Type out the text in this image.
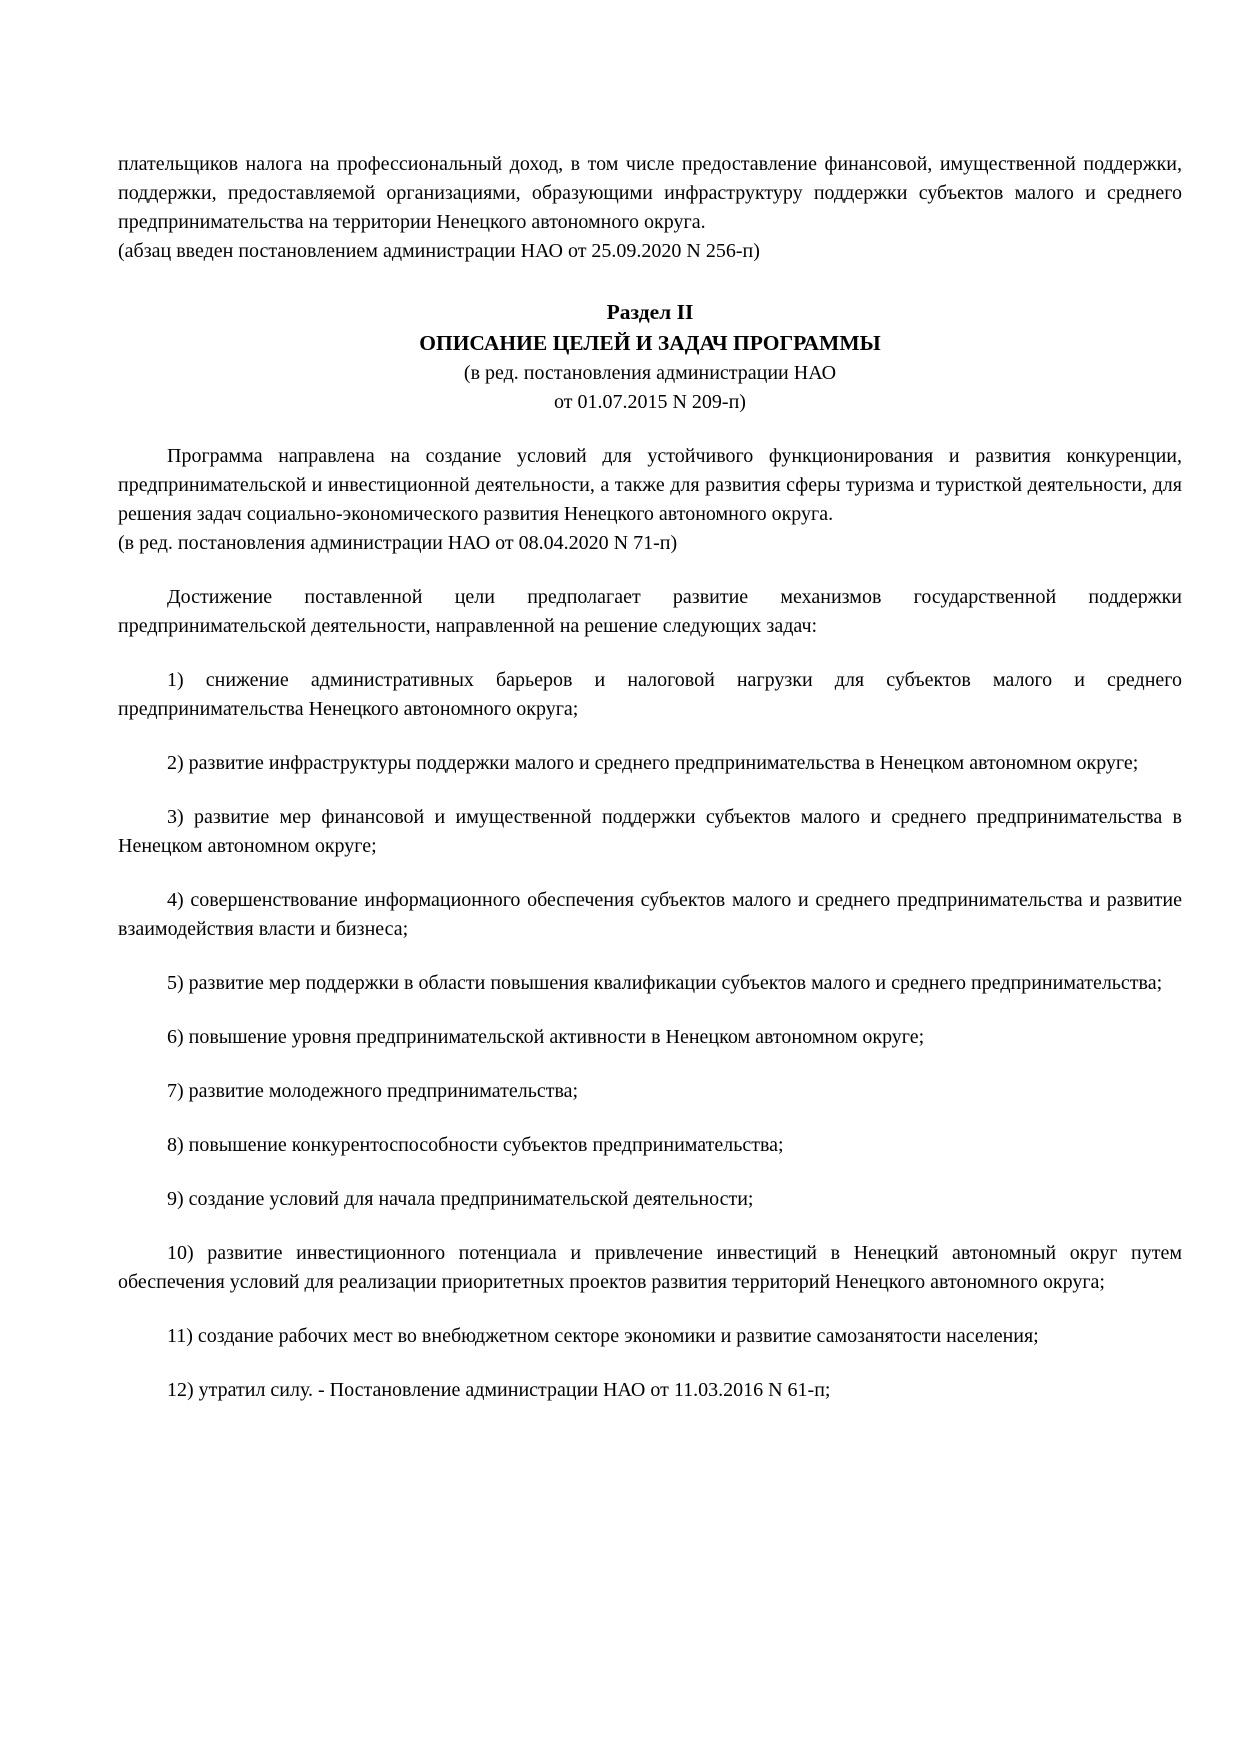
плательщиков налога на профессиональный доход, в том числе предоставление финансовой, имущественной поддержки, поддержки, предоставляемой организациями, образующими инфраструктуру поддержки субъектов малого и среднего предпринимательства на территории Ненецкого автономного округа.

(абзац введен постановлением администрации НАО от 25.09.2020 N 256-п)

Раздел II
ОПИСАНИЕ ЦЕЛЕЙ И ЗАДАЧ ПРОГРАММЫ
(в ред. постановления администрации НАО
от 01.07.2015 N 209-п)

Программа направлена на создание условий для устойчивого функционирования и развития конкуренции, предпринимательской и инвестиционной деятельности, а также для развития сферы туризма и туристкой деятельности, для решения задач социально-экономического развития Ненецкого автономного округа.

(в ред. постановления администрации НАО от 08.04.2020 N 71-п)

Достижение поставленной цели предполагает развитие механизмов государственной поддержки предпринимательской деятельности, направленной на решение следующих задач:

1) снижение административных барьеров и налоговой нагрузки для субъектов малого и среднего предпринимательства Ненецкого автономного округа;

2) развитие инфраструктуры поддержки малого и среднего предпринимательства в Ненецком автономном округе;

3) развитие мер финансовой и имущественной поддержки субъектов малого и среднего предпринимательства в Ненецком автономном округе;

4) совершенствование информационного обеспечения субъектов малого и среднего предпринимательства и развитие взаимодействия власти и бизнеса;

5) развитие мер поддержки в области повышения квалификации субъектов малого и среднего предпринимательства;

6) повышение уровня предпринимательской активности в Ненецком автономном округе;

7) развитие молодежного предпринимательства;

8) повышение конкурентоспособности субъектов предпринимательства;

9) создание условий для начала предпринимательской деятельности;

10) развитие инвестиционного потенциала и привлечение инвестиций в Ненецкий автономный округ путем обеспечения условий для реализации приоритетных проектов развития территорий Ненецкого автономного округа;

11) создание рабочих мест во внебюджетном секторе экономики и развитие самозанятости населения;

12) утратил силу. - Постановление администрации НАО от 11.03.2016 N 61-п;
